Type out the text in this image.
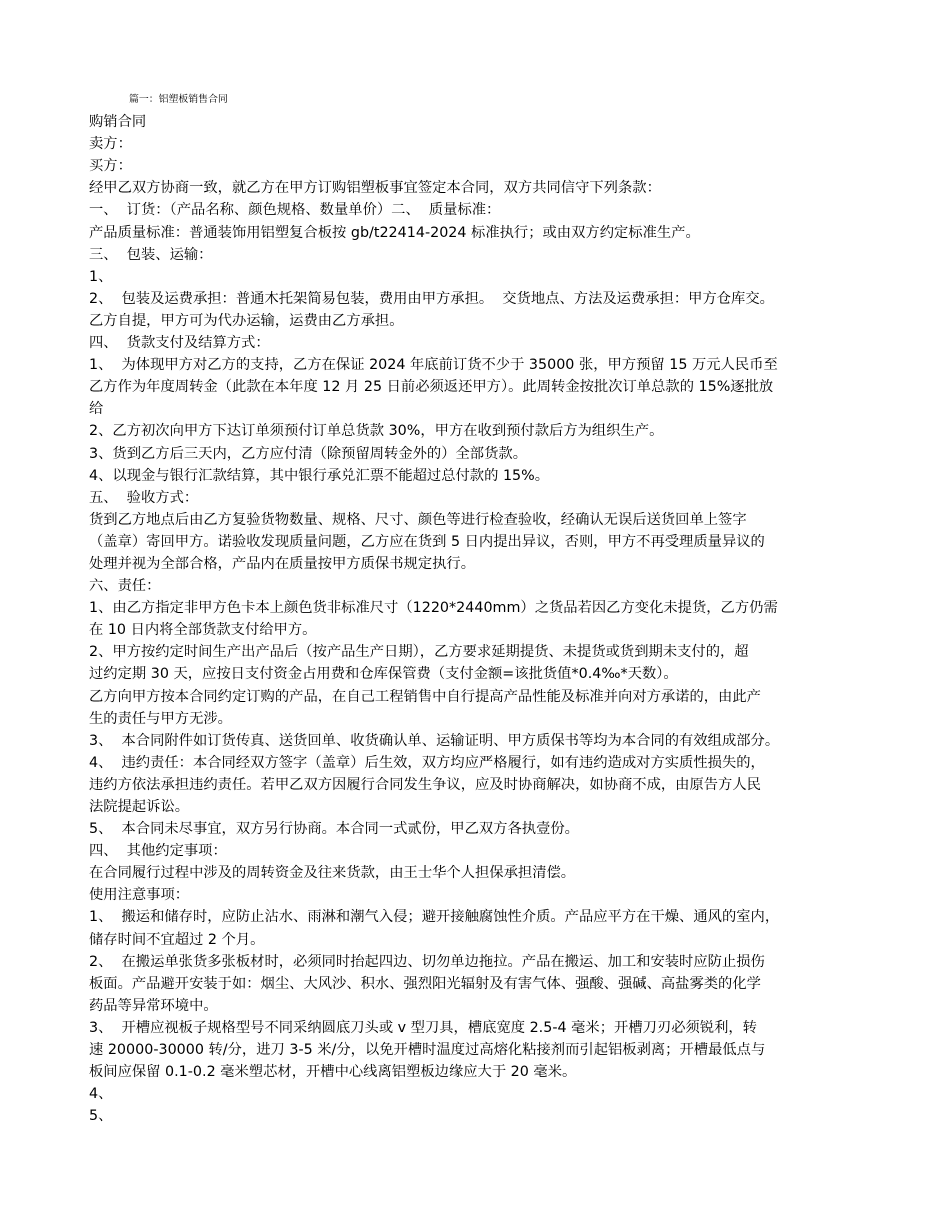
篇一：铝塑板销售合同
购销合同
卖方：
买方：
经甲乙双方协商一致，就乙方在甲方订购铝塑板事宜签定本合同，双方共同信守下列条款：
一、  订货：（产品名称、颜色规格、数量单价）二、  质量标准：
产品质量标准：普通装饰用铝塑复合板按 gb/t22414-2024 标准执行；或由双方约定标准生产。
三、  包装、运输：
1、
2、  包装及运费承担：普通木托架简易包装，费用由甲方承担。  交货地点、方法及运费承担：甲方仓库交。
乙方自提，甲方可为代办运输，运费由乙方承担。
四、  货款支付及结算方式：
1、  为体现甲方对乙方的支持，乙方在保证 2024 年底前订货不少于 35000 张，甲方预留 15 万元人民币至
乙方作为年度周转金（此款在本年度 12 月 25 日前必须返还甲方）。此周转金按批次订单总款的 15%逐批放
给
2、乙方初次向甲方下达订单须预付订单总货款 30%，甲方在收到预付款后方为组织生产。
3、货到乙方后三天内，乙方应付清（除预留周转金外的）全部货款。
4、以现金与银行汇款结算，其中银行承兑汇票不能超过总付款的 15%。
五、  验收方式：
货到乙方地点后由乙方复验货物数量、规格、尺寸、颜色等进行检查验收，经确认无误后送货回单上签字
（盖章）寄回甲方。诺验收发现质量问题，乙方应在货到 5 日内提出异议，否则，甲方不再受理质量异议的
处理并视为全部合格，产品内在质量按甲方质保书规定执行。
六、责任：
1、由乙方指定非甲方色卡本上颜色货非标准尺寸（1220*2440mm）之货品若因乙方变化未提货，乙方仍需
在 10 日内将全部货款支付给甲方。
2、甲方按约定时间生产出产品后（按产品生产日期），乙方要求延期提货、未提货或货到期未支付的，超
过约定期 30 天，应按日支付资金占用费和仓库保管费（支付金额=该批货值*0.4‰*天数）。
乙方向甲方按本合同约定订购的产品，在自己工程销售中自行提高产品性能及标准并向对方承诺的，由此产
生的责任与甲方无涉。
3、  本合同附件如订货传真、送货回单、收货确认单、运输证明、甲方质保书等均为本合同的有效组成部分。
4、  违约责任：本合同经双方签字（盖章）后生效，双方均应严格履行，如有违约造成对方实质性损失的，
违约方依法承担违约责任。若甲乙双方因履行合同发生争议，应及时协商解决，如协商不成，由原告方人民
法院提起诉讼。
5、  本合同未尽事宜，双方另行协商。本合同一式贰份，甲乙双方各执壹份。
四、  其他约定事项：
在合同履行过程中涉及的周转资金及往来货款，由王士华个人担保承担清偿。
使用注意事项：
1、  搬运和储存时，应防止沾水、雨淋和潮气入侵；避开接触腐蚀性介质。产品应平方在干燥、通风的室内，
储存时间不宜超过 2 个月。
2、  在搬运单张货多张板材时，必须同时抬起四边、切勿单边拖拉。产品在搬运、加工和安装时应防止损伤
板面。产品避开安装于如：烟尘、大风沙、积水、强烈阳光辐射及有害气体、强酸、强碱、高盐雾类的化学
药品等异常环境中。
3、  开槽应视板子规格型号不同采纳圆底刀头或 v 型刀具，槽底宽度 2.5-4 毫米；开槽刀刃必须锐利，转
速 20000-30000 转/分，进刀 3-5 米/分，以免开槽时温度过高熔化粘接剂而引起铝板剥离；开槽最低点与
板间应保留 0.1-0.2 毫米塑芯材，开槽中心线离铝塑板边缘应大于 20 毫米。
4、
5、
